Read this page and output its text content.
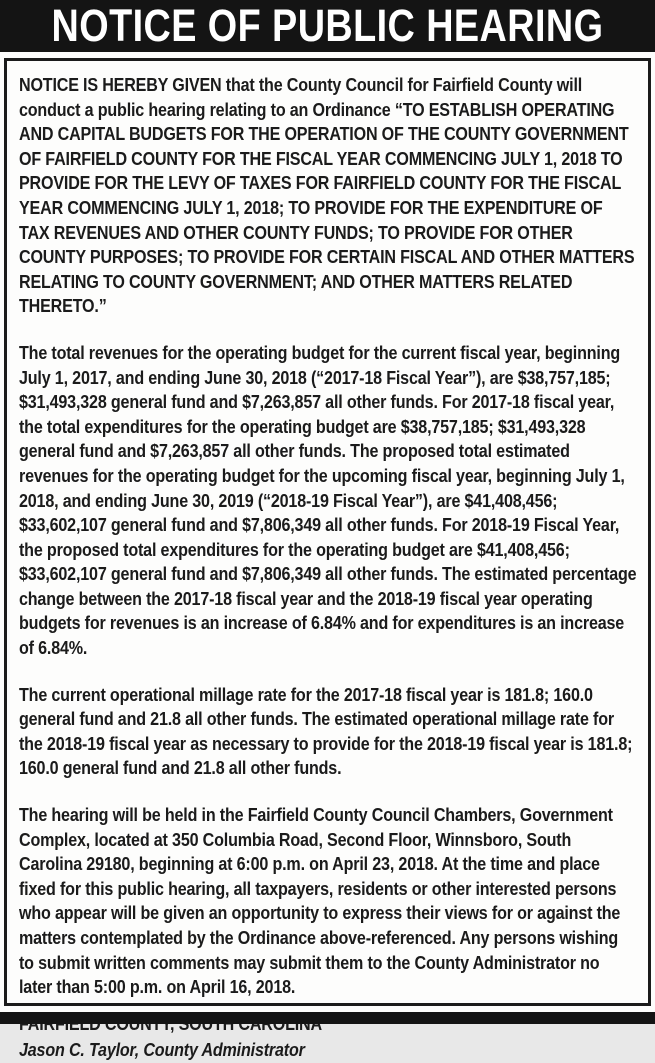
NOTICE OF PUBLIC HEARING

NOTICE IS HEREBY GIVEN that the County Council for Fairfield County will conduct a public hearing relating to an Ordinance “TO ESTABLISH OPERATING AND CAPITAL BUDGETS FOR THE OPERATION OF THE COUNTY GOVERNMENT OF FAIRFIELD COUNTY FOR THE FISCAL YEAR COMMENCING JULY 1, 2018 TO PROVIDE FOR THE LEVY OF TAXES FOR FAIRFIELD COUNTY FOR THE FISCAL YEAR COMMENCING JULY 1, 2018; TO PROVIDE FOR THE EXPENDITURE OF TAX REVENUES AND OTHER COUNTY FUNDS; TO PROVIDE FOR OTHER COUNTY PURPOSES; TO PROVIDE FOR CERTAIN FISCAL AND OTHER MATTERS RELATING TO COUNTY GOVERNMENT; AND OTHER MATTERS RELATED THERETO.”

The total revenues for the operating budget for the current fiscal year, beginning July 1, 2017, and ending June 30, 2018 (“2017-18 Fiscal Year”), are $38,757,185; $31,493,328 general fund and $7,263,857 all other funds. For 2017-18 fiscal year, the total expenditures for the operating budget are $38,757,185; $31,493,328 general fund and $7,263,857 all other funds. The proposed total estimated revenues for the operating budget for the upcoming fiscal year, beginning July 1, 2018, and ending June 30, 2019 (“2018-19 Fiscal Year”), are $41,408,456; $33,602,107 general fund and $7,806,349 all other funds. For 2018-19 Fiscal Year, the proposed total expenditures for the operating budget are $41,408,456; $33,602,107 general fund and $7,806,349 all other funds. The estimated percentage change between the 2017-18 fiscal year and the 2018-19 fiscal year operating budgets for revenues is an increase of 6.84% and for expenditures is an increase of 6.84%.

The current operational millage rate for the 2017-18 fiscal year is 181.8; 160.0 general fund and 21.8 all other funds. The estimated operational millage rate for the 2018-19 fiscal year as necessary to provide for the 2018-19 fiscal year is 181.8; 160.0 general fund and 21.8 all other funds.

The hearing will be held in the Fairfield County Council Chambers, Government Complex, located at 350 Columbia Road, Second Floor, Winnsboro, South Carolina 29180, beginning at 6:00 p.m. on April 23, 2018. At the time and place fixed for this public hearing, all taxpayers, residents or other interested persons who appear will be given an opportunity to express their views for or against the matters contemplated by the Ordinance above-referenced. Any persons wishing to submit written comments may submit them to the County Administrator no later than 5:00 p.m. on April 16, 2018.

Jason C. Taylor, County Administrator
